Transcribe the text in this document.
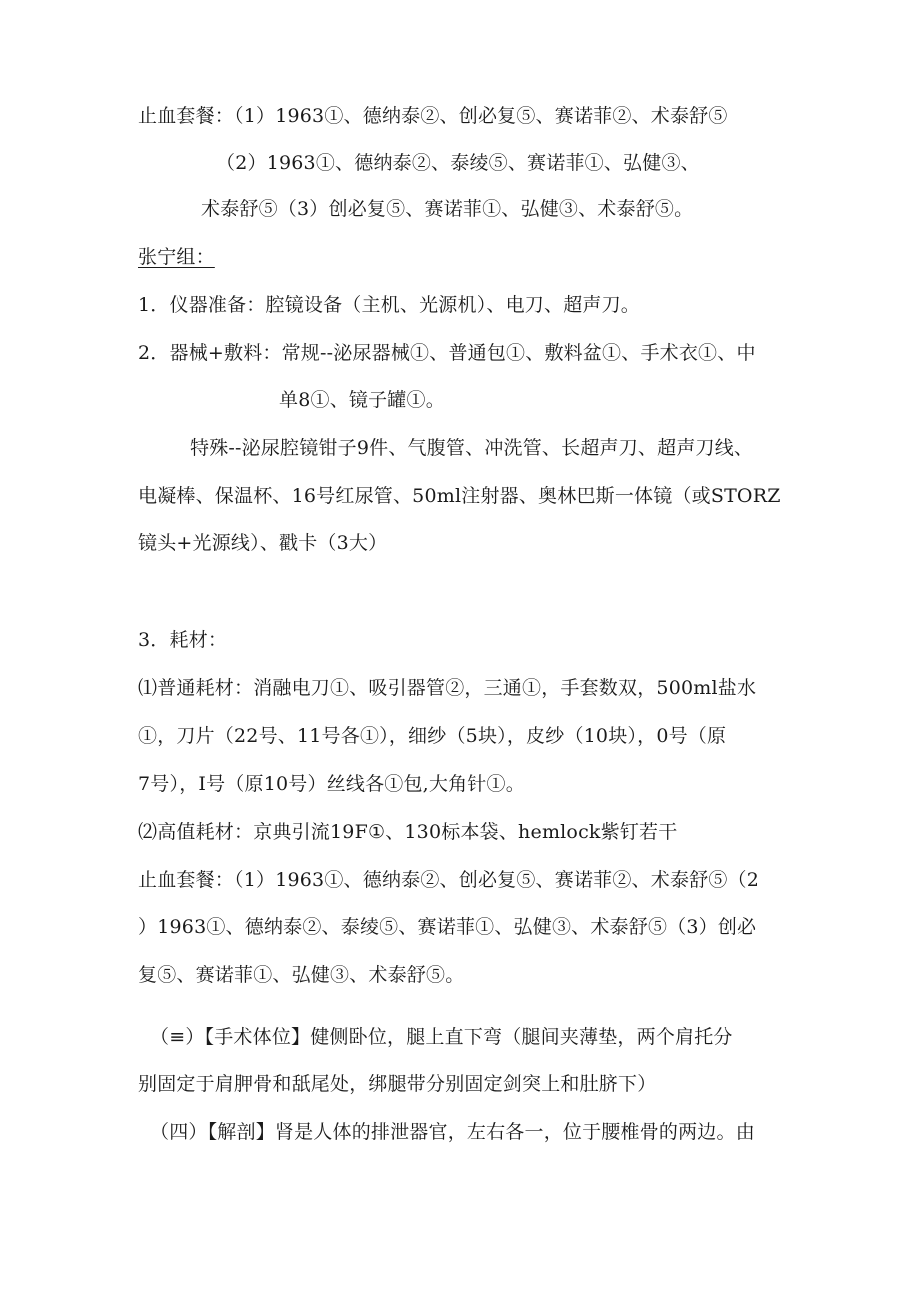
止血套餐：（1）1963①、德纳泰②、创必复⑤、赛诺菲②、术泰舒⑤
（2）1963①、德纳泰②、泰绫⑤、赛诺菲①、弘健③、
术泰舒⑤（3）创必复⑤、赛诺菲①、弘健③、术泰舒⑤。
张宁组：
1．仪器准备：腔镜设备（主机、光源机）、电刀、超声刀。
2．器械+敷料：常规--泌尿器械①、普通包①、敷料盆①、手术衣①、中
单8①、镜子罐①。
特殊--泌尿腔镜钳子9件、气腹管、冲洗管、长超声刀、超声刀线、
电凝棒、保温杯、16号红尿管、50ml注射器、奥林巴斯一体镜（或STORZ
镜头+光源线）、戳卡（3大）
3．耗材：
⑴普通耗材：消融电刀①、吸引器管②，三通①，手套数双，500ml盐水
①，刀片（22号、11号各①），细纱（5块），皮纱（10块），0号（原
7号），I号（原10号）丝线各①包,大角针①。
⑵高值耗材：京典引流19F①、130标本袋、hemlock紫钉若干
止血套餐：（1）1963①、德纳泰②、创必复⑤、赛诺菲②、术泰舒⑤（2
）1963①、德纳泰②、泰绫⑤、赛诺菲①、弘健③、术泰舒⑤（3）创必
复⑤、赛诺菲①、弘健③、术泰舒⑤。
（≡）【手术体位】健侧卧位，腿上直下弯（腿间夹薄垫，两个肩托分
别固定于肩胛骨和舐尾处，绑腿带分别固定剑突上和肚脐下）
（四）【解剖】肾是人体的排泄器官，左右各一，位于腰椎骨的两边。由
